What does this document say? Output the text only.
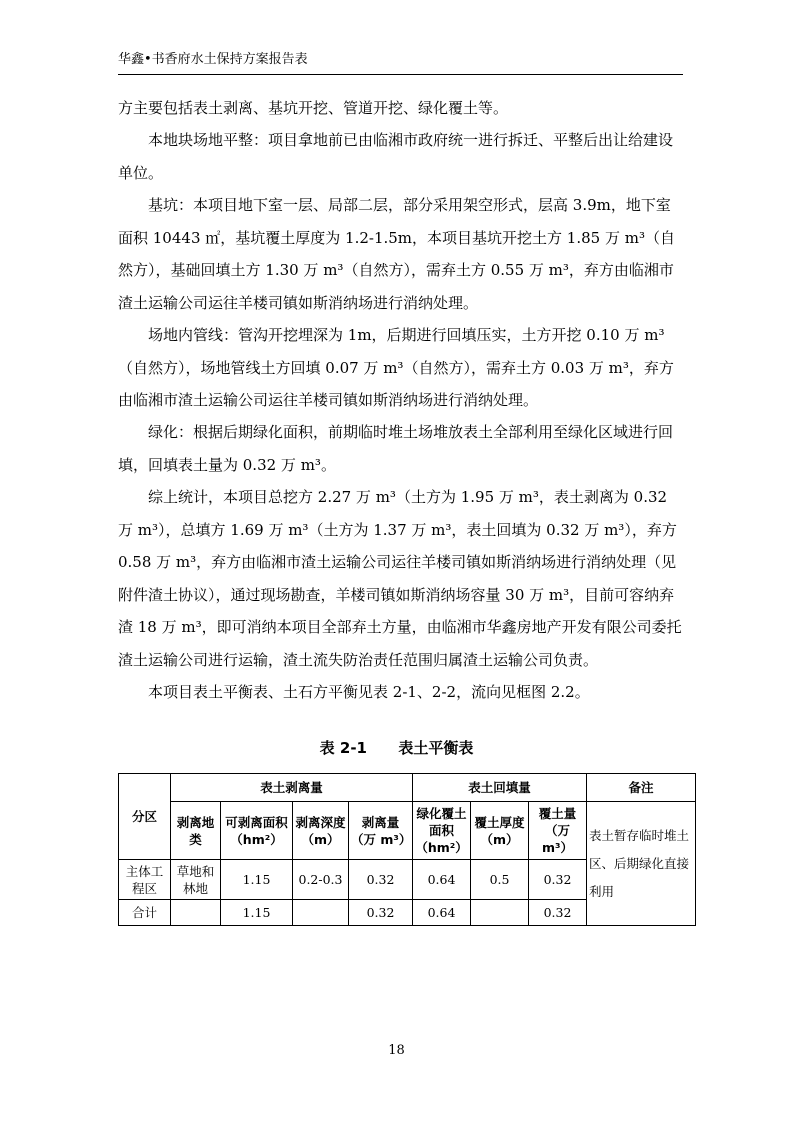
华鑫•书香府水土保持方案报告表

方主要包括表土剥离、基坑开挖、管道开挖、绿化覆土等。

本地块场地平整：项目拿地前已由临湘市政府统一进行拆迁、平整后出让给建设单位。

基坑：本项目地下室一层、局部二层，部分采用架空形式，层高 3.9m，地下室面积 10443 ㎡，基坑覆土厚度为 1.2-1.5m，本项目基坑开挖土方 1.85 万 m³（自然方），基础回填土方 1.30 万 m³（自然方），需弃土方 0.55 万 m³，弃方由临湘市渣土运输公司运往羊楼司镇如斯消纳场进行消纳处理。

场地内管线：管沟开挖埋深为 1m，后期进行回填压实，土方开挖 0.10 万 m³（自然方），场地管线土方回填 0.07 万 m³（自然方），需弃土方 0.03 万 m³，弃方由临湘市渣土运输公司运往羊楼司镇如斯消纳场进行消纳处理。

绿化：根据后期绿化面积，前期临时堆土场堆放表土全部利用至绿化区域进行回填，回填表土量为 0.32 万 m³。

综上统计，本项目总挖方 2.27 万 m³（土方为 1.95 万 m³，表土剥离为 0.32 万 m³），总填方 1.69 万 m³（土方为 1.37 万 m³，表土回填为 0.32 万 m³），弃方 0.58 万 m³，弃方由临湘市渣土运输公司运往羊楼司镇如斯消纳场进行消纳处理（见附件渣土协议），通过现场勘查，羊楼司镇如斯消纳场容量 30 万 m³，目前可容纳弃渣 18 万 m³，即可消纳本项目全部弃土方量，由临湘市华鑫房地产开发有限公司委托渣土运输公司进行运输，渣土流失防治责任范围归属渣土运输公司负责。

本项目表土平衡表、土石方平衡见表 2-1、2-2，流向见框图 2.2。

表 2-1      表土平衡表
分区	表土剥离量				表土回填量			备注
	剥离地类	可剥离面积（hm²）	剥离深度（m）	剥离量（万 m³）	绿化覆土面积（hm²）	覆土厚度（m）	覆土量（万 m³）	表土暂存临时堆土区、后期绿化直接利用
主体工程区	草地和林地	1.15	0.2-0.3	0.32	0.64	0.5	0.32	
合计		1.15		0.32	0.64		0.32	
18
